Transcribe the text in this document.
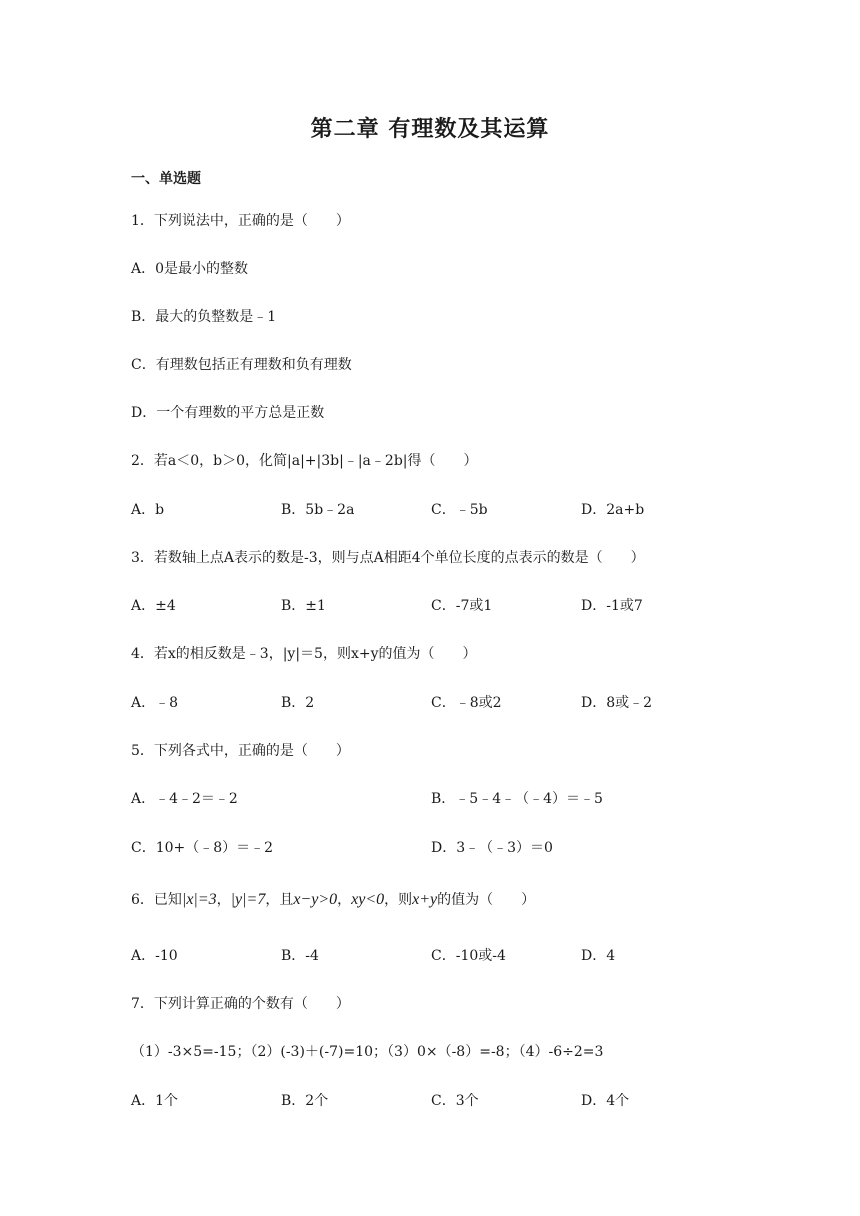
第二章 有理数及其运算
一、单选题
1．下列说法中，正确的是（　　）
A．0是最小的整数
B．最大的负整数是﹣1
C．有理数包括正有理数和负有理数
D．一个有理数的平方总是正数
2．若a＜0，b＞0，化简|a|+|3b|﹣|a﹣2b|得（　　）
A．b	B．5b﹣2a	C．﹣5b	D．2a+b
3．若数轴上点A表示的数是-3，则与点A相距4个单位长度的点表示的数是（　　）
A．±4	B．±1	C．-7或1	D．-1或7
4．若x的相反数是﹣3，|y|＝5，则x+y的值为（　　）
A．﹣8	B．2	C．﹣8或2	D．8或﹣2
5．下列各式中，正确的是（　　）
A．﹣4﹣2＝﹣2	B．﹣5﹣4﹣（﹣4）＝﹣5
C．10+（﹣8）＝﹣2	D．3﹣（﹣3）＝0
6．已知|x|=3，|y|=7，且x−y>0，xy<0，则x+y的值为（　　）
A．-10	B．-4	C．-10或-4	D．4
7．下列计算正确的个数有（　　）
（1）-3×5=-15；（2）(-3)＋(-7)=10；（3）0×（-8）=-8；（4）-6÷2=3
A．1个	B．2个	C．3个	D．4个
